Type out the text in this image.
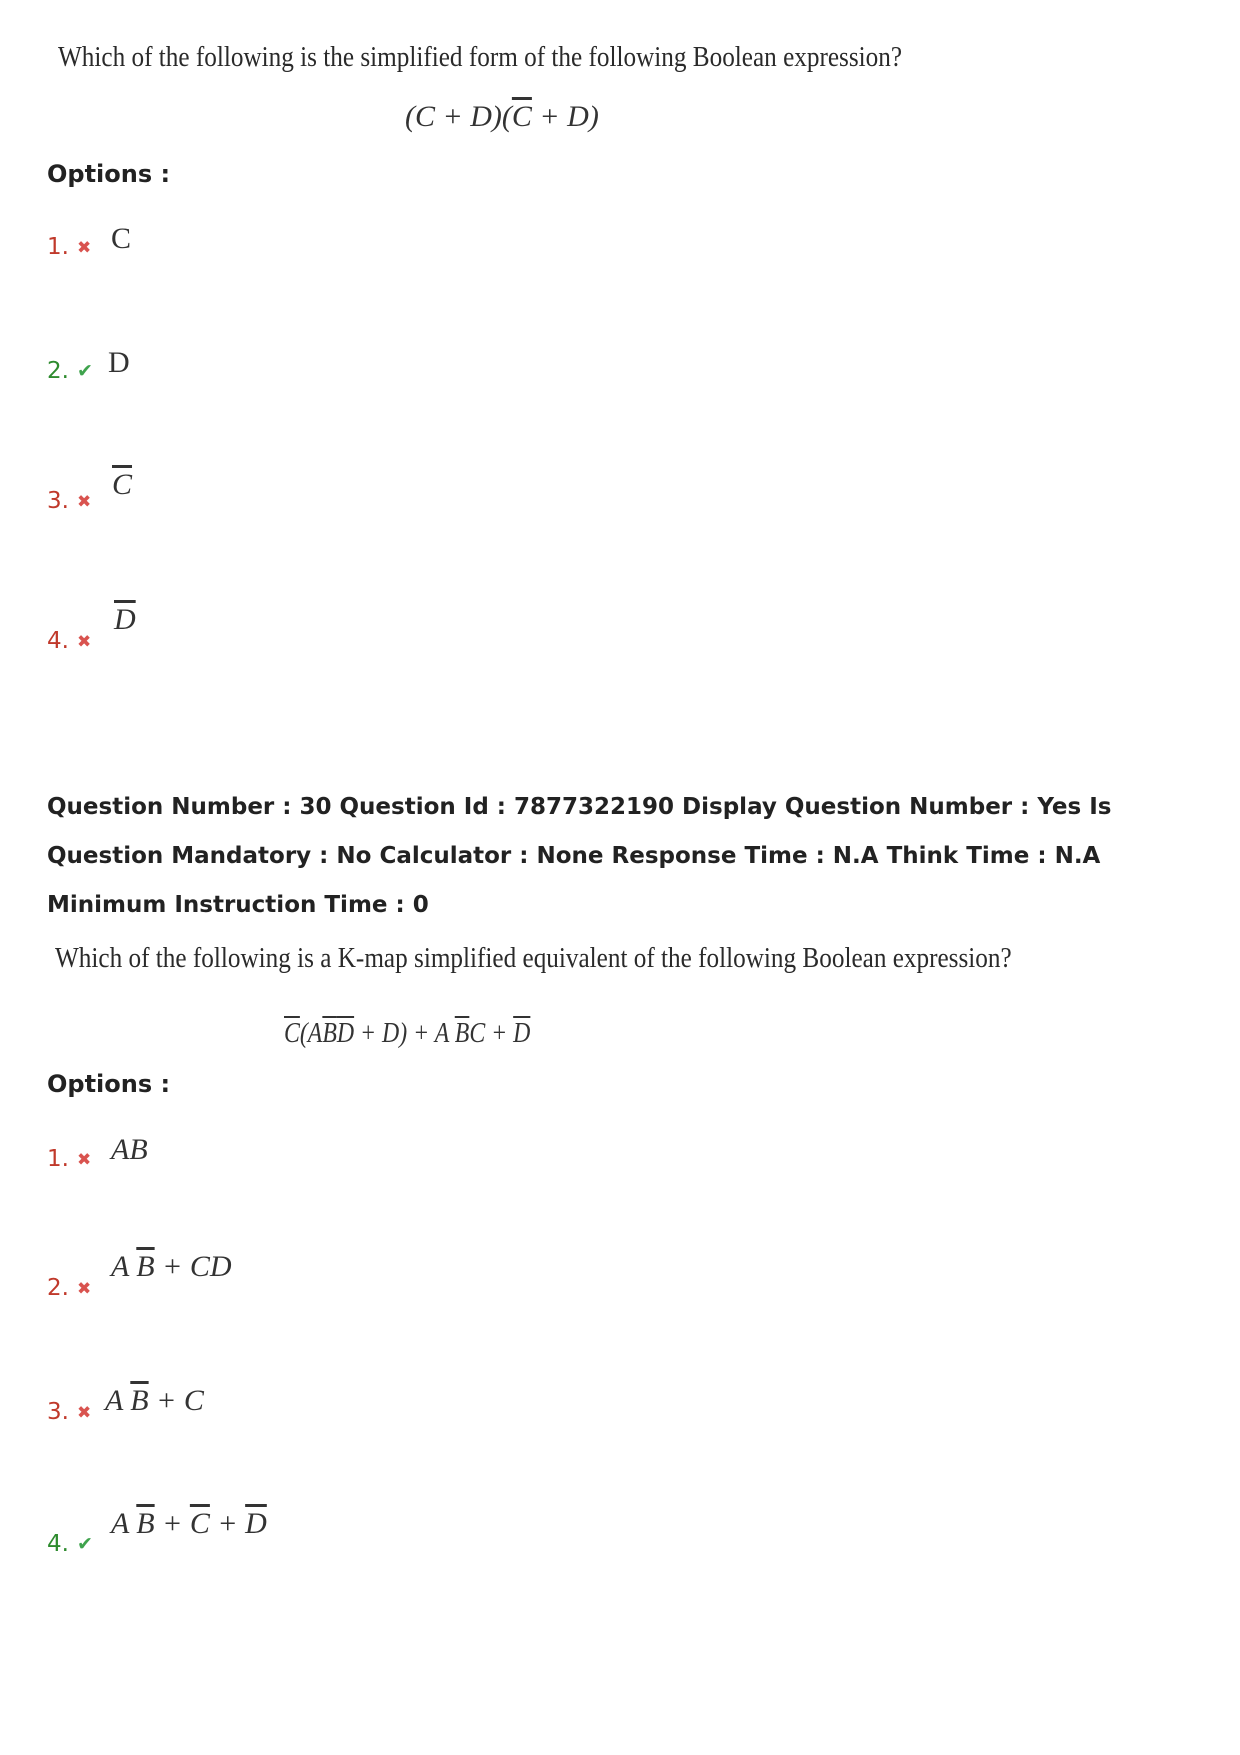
Which of the following is the simplified form of the following Boolean expression?
$(C + D)(\overline{C} + D)$
Options :
1. ✖ C
2. ✔ D
3. ✖
$\overline{C}$
4. ✖
$\overline{D}$
Question Number : 30 Question Id : 7877322190 Display Question Number : Yes Is Question Mandatory : No Calculator : None Response Time : N.A Think Time : N.A Minimum Instruction Time : 0
Which of the following is a K-map simplified equivalent of the following Boolean expression?
$\overline{C}(A\overline{B}\overline{D} + D) + A$ $\overline{B}C + \overline{D}$
Options :
1. ✖ AB
2. ✖
A $\overline{B}$ + CD
3. ✖ A $\overline{B} + C$
4. ✔
A $\overline{B} + \overline{C} + \overline{D}$
